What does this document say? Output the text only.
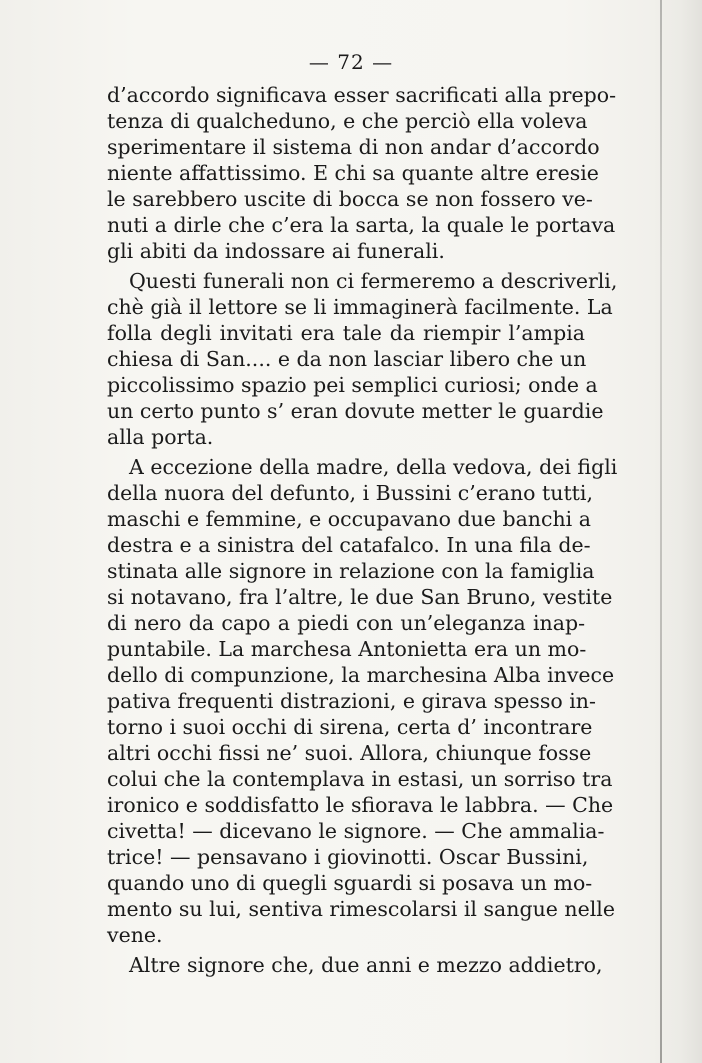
— 72 —
d’accordo significava esser sacrificati alla prepo-
tenza di qualcheduno, e che perciò ella voleva
sperimentare il sistema di non andar d’accordo
niente affattissimo. E chi sa quante altre eresie
le sarebbero uscite di bocca se non fossero ve-
nuti a dirle che c’era la sarta, la quale le portava
gli abiti da indossare ai funerali.
Questi funerali non ci fermeremo a descriverli,
chè già il lettore se li immaginerà facilmente. La
folla degli invitati era tale da riempir l’ampia
chiesa di San.... e da non lasciar libero che un
piccolissimo spazio pei semplici curiosi; onde a
un certo punto s’ eran dovute metter le guardie
alla porta.
A eccezione della madre, della vedova, dei figli
della nuora del defunto, i Bussini c’erano tutti,
maschi e femmine, e occupavano due banchi a
destra e a sinistra del catafalco. In una fila de-
stinata alle signore in relazione con la famiglia
si notavano, fra l’altre, le due San Bruno, vestite
di nero da capo a piedi con un’eleganza inap-
puntabile. La marchesa Antonietta era un mo-
dello di compunzione, la marchesina Alba invece
pativa frequenti distrazioni, e girava spesso in-
torno i suoi occhi di sirena, certa d’ incontrare
altri occhi fissi ne’ suoi. Allora, chiunque fosse
colui che la contemplava in estasi, un sorriso tra
ironico e soddisfatto le sfiorava le labbra. — Che
civetta! — dicevano le signore. — Che ammalia-
trice! — pensavano i giovinotti. Oscar Bussini,
quando uno di quegli sguardi si posava un mo-
mento su lui, sentiva rimescolarsi il sangue nelle
vene.
Altre signore che, due anni e mezzo addietro,
